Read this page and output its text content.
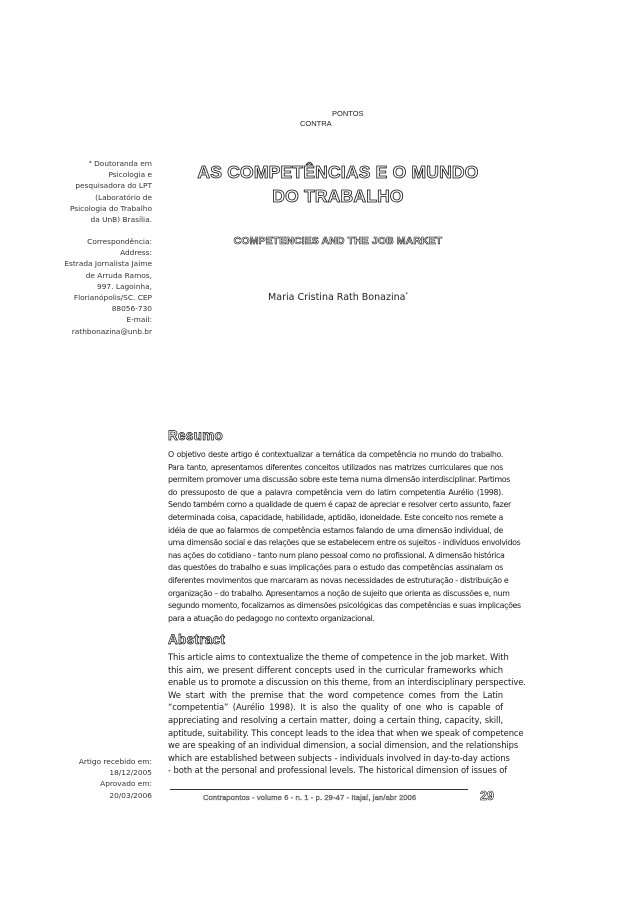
PONTOS
CONTRA
AS COMPETÊNCIAS E O MUNDO
DO TRABALHO
COMPETENCIES AND THE JOB MARKET
Maria Cristina Rath Bonazina*
* Doutoranda em
Psicologia e
pesquisadora do LPT
(Laboratório de
Psicologia do Trabalho
da UnB) Brasília.
Correspondência:
Address:
Estrada Jornalista Jaime
de Arruda Ramos,
997. Lagoinha,
Florianópolis/SC. CEP
88056-730
E-mail:
rathbonazina@unb.br
Resumo
O objetivo deste artigo é contextualizar a temática da competência no mundo do trabalho.
Para tanto, apresentamos diferentes conceitos utilizados nas matrizes curriculares que nos
permitem promover uma discussão sobre este tema numa dimensão interdisciplinar. Partimos
do pressuposto de que a palavra competência vem do latim competentia Aurélio (1998).
Sendo também como a qualidade de quem é capaz de apreciar e resolver certo assunto, fazer
determinada coisa, capacidade, habilidade, aptidão, idoneidade. Este conceito nos remete a
idéia de que ao falarmos de competência estamos falando de uma dimensão individual, de
uma dimensão social e das relações que se estabelecem entre os sujeitos - indivíduos envolvidos
nas ações do cotidiano - tanto num plano pessoal como no profissional. A dimensão histórica
das questões do trabalho e suas implicações para o estudo das competências assinalam os
diferentes movimentos que marcaram as novas necessidades de estruturação - distribuição e
organização – do trabalho. Apresentamos a noção de sujeito que orienta as discussões e, num
segundo momento, focalizamos as dimensões psicológicas das competências e suas implicações
para a atuação do pedagogo no contexto organizacional.
Abstract
This article aims to contextualize the theme of competence in the job market. With
this aim, we present different concepts used in the curricular frameworks which
enable us to promote a discussion on this theme, from an interdisciplinary perspective.
We start with the premise that the word competence comes from the Latin
“competentia” (Aurélio 1998). It is also the quality of one who is capable of
appreciating and resolving a certain matter, doing a certain thing, capacity, skill,
aptitude, suitability. This concept leads to the idea that when we speak of competence
we are speaking of an individual dimension, a social dimension, and the relationships
which are established between subjects - individuals involved in day-to-day actions
- both at the personal and professional levels. The historical dimension of issues of
Artigo recebido em:
18/12/2005
Aprovado em:
20/03/2006	Contrapontos - volume 6 - n. 1 - p. 29-47 - Itajaí, jan/abr 2006	29
